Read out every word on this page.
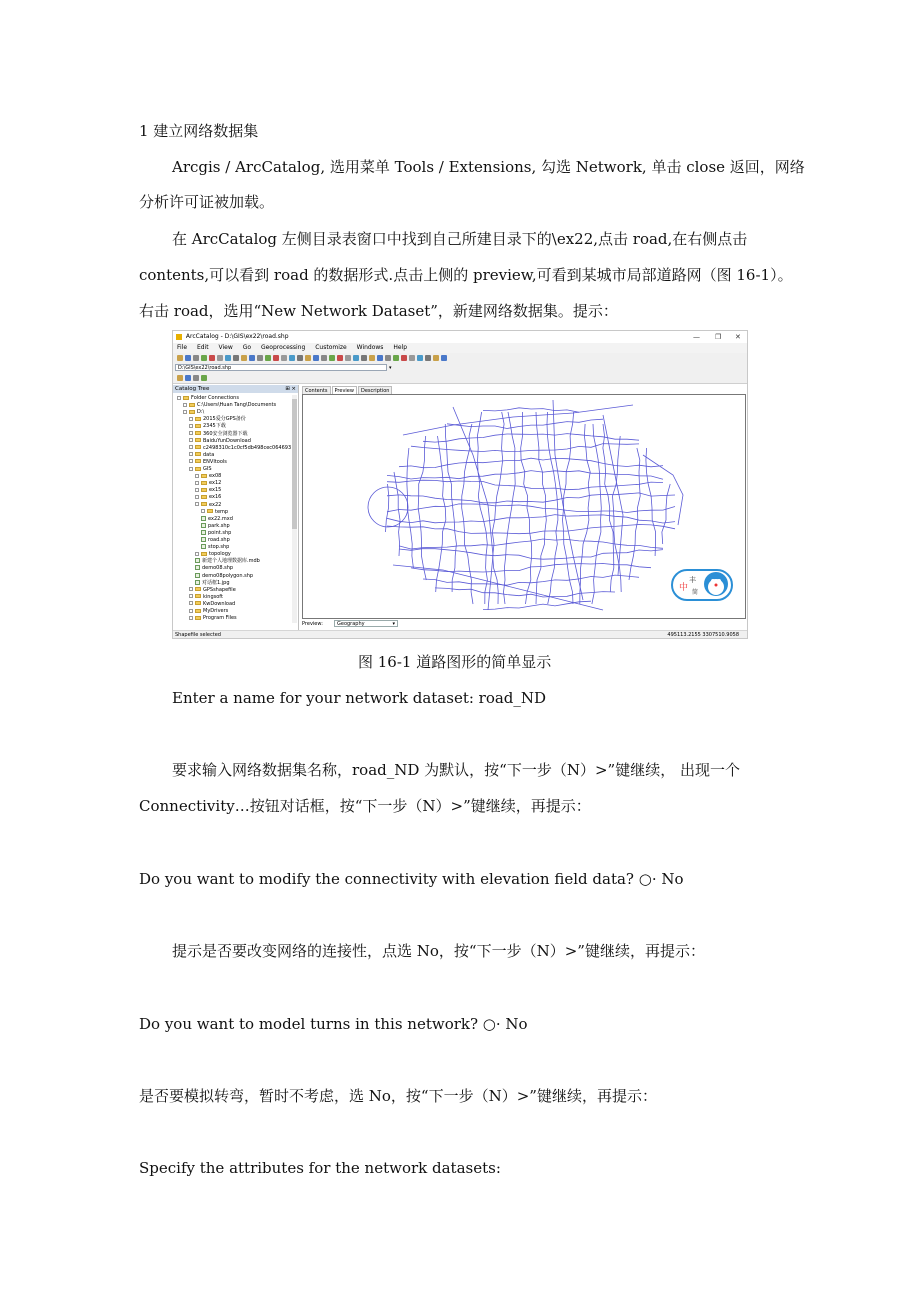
1 建立网络数据集
Arcgis / ArcCatalog, 选用菜单 Tools / Extensions, 勾选 Network, 单击 close 返回，网络
分析许可证被加载。
在 ArcCatalog 左侧目录表窗口中找到自己所建目录下的\ex22,点击 road,在右侧点击
contents,可以看到 road 的数据形式.点击上侧的 preview,可看到某城市局部道路网（图 16-1）。
右击 road，选用“New Network Dataset”，新建网络数据集。提示：
ArcCatalog - D:\GIS\ex22\road.shp	— ❐ ✕
File Edit View Go Geoprocessing Customize Windows Help
D:\GIS\ex22\road.shp	▾
Catalog Tree	⊞ ×
Folder Connections
C:\Users\Huan Tang\Documents
D:\
2015爱分GPS备份
2345下载
360安全浏览器下载
BaiduYunDownload
c2498310c1c0cf5db498cec064693
data
ENVItools
GIS
ex08
ex12
ex15
ex16
ex22
temp
ex22.mxd
park.shp
point.shp
road.shp
stop.shp
topology
新建个人地理数据库.mdb
demo08.shp
demo08polygon.shp
对话框1.jpg
GPSshapefile
kingsoft
KwDownload
MyDrivers
Program Files
Contents Preview Description
中
丰
简
Preview:	Geography	▾
Shapefile selected	495113.2155 3307510.9058
图 16-1 道路图形的简单显示
Enter a name for your network dataset: road_ND
要求输入网络数据集名称，road_ND 为默认，按“下一步（N）>”键继续， 出现一个
Connectivity…按钮对话框，按“下一步（N）>”键继续，再提示：
Do you want to modify the connectivity with elevation field data? ○· No
提示是否要改变网络的连接性，点选 No，按“下一步（N）>”键继续，再提示：
Do you want to model turns in this network? ○· No
是否要模拟转弯，暂时不考虑，选 No，按“下一步（N）>”键继续，再提示：
Specify the attributes for the network datasets:
